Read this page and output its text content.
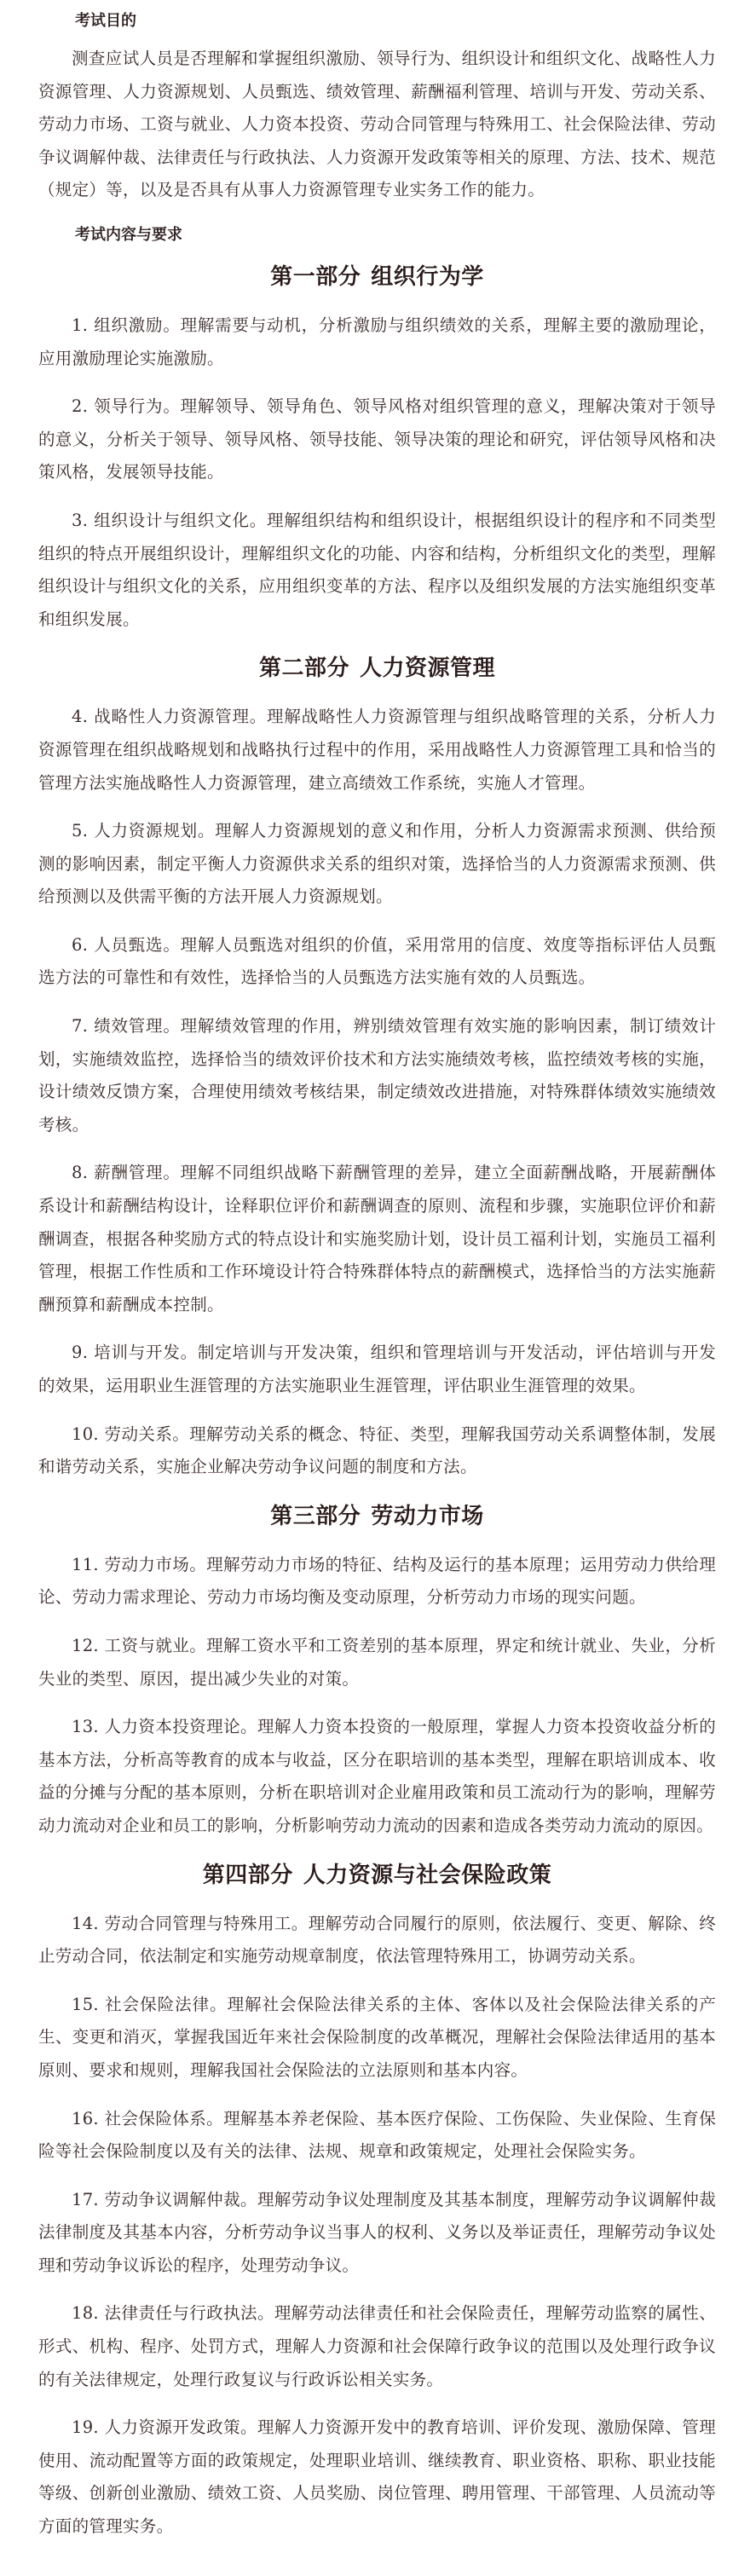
考试目的

测查应试人员是否理解和掌握组织激励、领导行为、组织设计和组织文化、战略性人力资源管理、人力资源规划、人员甄选、绩效管理、薪酬福利管理、培训与开发、劳动关系、劳动力市场、工资与就业、人力资本投资、劳动合同管理与特殊用工、社会保险法律、劳动争议调解仲裁、法律责任与行政执法、人力资源开发政策等相关的原理、方法、技术、规范（规定）等，以及是否具有从事人力资源管理专业实务工作的能力。

考试内容与要求
第一部分 组织行为学

1. 组织激励。理解需要与动机，分析激励与组织绩效的关系，理解主要的激励理论，应用激励理论实施激励。

2. 领导行为。理解领导、领导角色、领导风格对组织管理的意义，理解决策对于领导的意义，分析关于领导、领导风格、领导技能、领导决策的理论和研究，评估领导风格和决策风格，发展领导技能。

3. 组织设计与组织文化。理解组织结构和组织设计，根据组织设计的程序和不同类型组织的特点开展组织设计，理解组织文化的功能、内容和结构，分析组织文化的类型，理解组织设计与组织文化的关系，应用组织变革的方法、程序以及组织发展的方法实施组织变革和组织发展。

第二部分 人力资源管理

4. 战略性人力资源管理。理解战略性人力资源管理与组织战略管理的关系，分析人力资源管理在组织战略规划和战略执行过程中的作用，采用战略性人力资源管理工具和恰当的管理方法实施战略性人力资源管理，建立高绩效工作系统，实施人才管理。

5. 人力资源规划。理解人力资源规划的意义和作用，分析人力资源需求预测、供给预测的影响因素，制定平衡人力资源供求关系的组织对策，选择恰当的人力资源需求预测、供给预测以及供需平衡的方法开展人力资源规划。

6. 人员甄选。理解人员甄选对组织的价值，采用常用的信度、效度等指标评估人员甄选方法的可靠性和有效性，选择恰当的人员甄选方法实施有效的人员甄选。

7. 绩效管理。理解绩效管理的作用，辨别绩效管理有效实施的影响因素，制订绩效计划，实施绩效监控，选择恰当的绩效评价技术和方法实施绩效考核，监控绩效考核的实施，设计绩效反馈方案，合理使用绩效考核结果，制定绩效改进措施，对特殊群体绩效实施绩效考核。

8. 薪酬管理。理解不同组织战略下薪酬管理的差异，建立全面薪酬战略，开展薪酬体系设计和薪酬结构设计，诠释职位评价和薪酬调查的原则、流程和步骤，实施职位评价和薪酬调查，根据各种奖励方式的特点设计和实施奖励计划，设计员工福利计划，实施员工福利管理，根据工作性质和工作环境设计符合特殊群体特点的薪酬模式，选择恰当的方法实施薪酬预算和薪酬成本控制。

9. 培训与开发。制定培训与开发决策，组织和管理培训与开发活动，评估培训与开发的效果，运用职业生涯管理的方法实施职业生涯管理，评估职业生涯管理的效果。

10. 劳动关系。理解劳动关系的概念、特征、类型，理解我国劳动关系调整体制，发展和谐劳动关系，实施企业解决劳动争议问题的制度和方法。

第三部分 劳动力市场

11. 劳动力市场。理解劳动力市场的特征、结构及运行的基本原理；运用劳动力供给理论、劳动力需求理论、劳动力市场均衡及变动原理，分析劳动力市场的现实问题。

12. 工资与就业。理解工资水平和工资差别的基本原理，界定和统计就业、失业，分析失业的类型、原因，提出减少失业的对策。

13. 人力资本投资理论。理解人力资本投资的一般原理，掌握人力资本投资收益分析的基本方法，分析高等教育的成本与收益，区分在职培训的基本类型，理解在职培训成本、收益的分摊与分配的基本原则，分析在职培训对企业雇用政策和员工流动行为的影响，理解劳动力流动对企业和员工的影响，分析影响劳动力流动的因素和造成各类劳动力流动的原因。

第四部分 人力资源与社会保险政策

14. 劳动合同管理与特殊用工。理解劳动合同履行的原则，依法履行、变更、解除、终止劳动合同，依法制定和实施劳动规章制度，依法管理特殊用工，协调劳动关系。

15. 社会保险法律。理解社会保险法律关系的主体、客体以及社会保险法律关系的产生、变更和消灭，掌握我国近年来社会保险制度的改革概况，理解社会保险法律适用的基本原则、要求和规则，理解我国社会保险法的立法原则和基本内容。

16. 社会保险体系。理解基本养老保险、基本医疗保险、工伤保险、失业保险、生育保险等社会保险制度以及有关的法律、法规、规章和政策规定，处理社会保险实务。

17. 劳动争议调解仲裁。理解劳动争议处理制度及其基本制度，理解劳动争议调解仲裁法律制度及其基本内容，分析劳动争议当事人的权利、义务以及举证责任，理解劳动争议处理和劳动争议诉讼的程序，处理劳动争议。

18. 法律责任与行政执法。理解劳动法律责任和社会保险责任，理解劳动监察的属性、形式、机构、程序、处罚方式，理解人力资源和社会保障行政争议的范围以及处理行政争议的有关法律规定，处理行政复议与行政诉讼相关实务。

19. 人力资源开发政策。理解人力资源开发中的教育培训、评价发现、激励保障、管理使用、流动配置等方面的政策规定，处理职业培训、继续教育、职业资格、职称、职业技能等级、创新创业激励、绩效工资、人员奖励、岗位管理、聘用管理、干部管理、人员流动等方面的管理实务。
